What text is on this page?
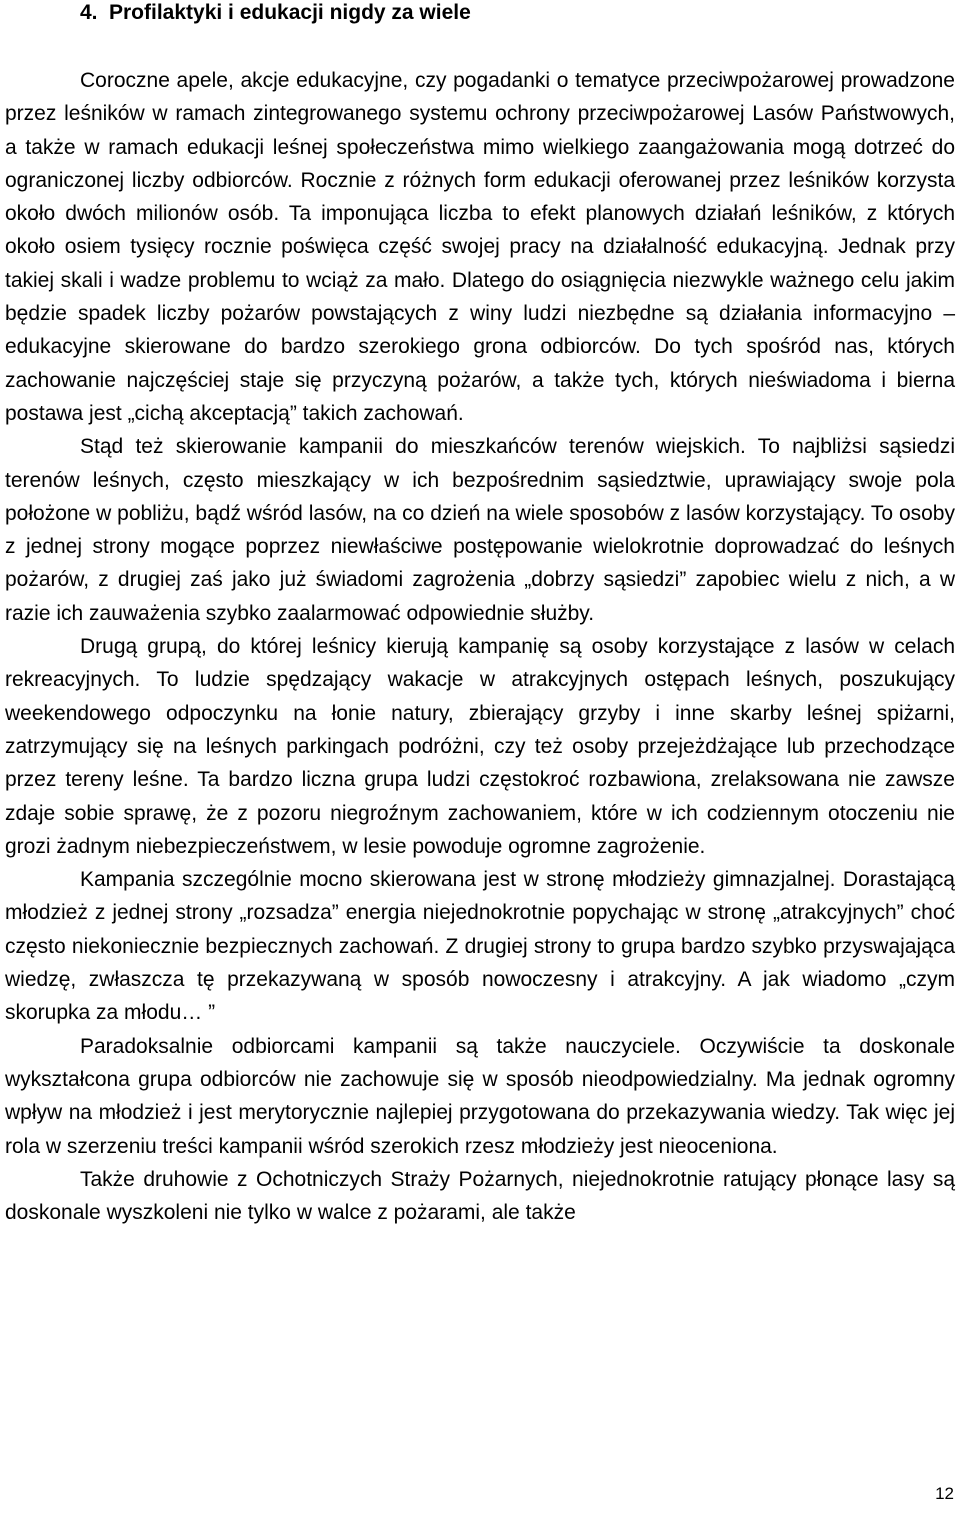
4. Profilaktyki i edukacji nigdy za wiele

Coroczne apele, akcje edukacyjne, czy pogadanki o tematyce przeciwpożarowej prowadzone przez leśników w ramach zintegrowanego systemu ochrony przeciwpożarowej Lasów Państwowych, a także w ramach edukacji leśnej społeczeństwa mimo wielkiego zaangażowania mogą dotrzeć do ograniczonej liczby odbiorców. Rocznie z różnych form edukacji oferowanej przez leśników korzysta około dwóch milionów osób. Ta imponująca liczba to efekt planowych działań leśników, z których około osiem tysięcy rocznie poświęca część swojej pracy na działalność edukacyjną. Jednak przy takiej skali i wadze problemu to wciąż za mało. Dlatego do osiągnięcia niezwykle ważnego celu jakim będzie spadek liczby pożarów powstających z winy ludzi niezbędne są działania informacyjno – edukacyjne skierowane do bardzo szerokiego grona odbiorców. Do tych spośród nas, których zachowanie najczęściej staje się przyczyną pożarów, a także tych, których nieświadoma i bierna postawa jest „cichą akceptacją” takich zachowań.

Stąd też skierowanie kampanii do mieszkańców terenów wiejskich. To najbliżsi sąsiedzi terenów leśnych, często mieszkający w ich bezpośrednim sąsiedztwie, uprawiający swoje pola położone w pobliżu, bądź wśród lasów, na co dzień na wiele sposobów z lasów korzystający. To osoby z jednej strony mogące poprzez niewłaściwe postępowanie wielokrotnie doprowadzać do leśnych pożarów, z drugiej zaś jako już świadomi zagrożenia „dobrzy sąsiedzi” zapobiec wielu z nich, a w razie ich zauważenia szybko zaalarmować odpowiednie służby.

Drugą grupą, do której leśnicy kierują kampanię są osoby korzystające z lasów w celach rekreacyjnych. To ludzie spędzający wakacje w atrakcyjnych ostępach leśnych, poszukujący weekendowego odpoczynku na łonie natury, zbierający grzyby i inne skarby leśnej spiżarni, zatrzymujący się na leśnych parkingach podróżni, czy też osoby przejeżdżające lub przechodzące przez tereny leśne. Ta bardzo liczna grupa ludzi częstokroć rozbawiona, zrelaksowana nie zawsze zdaje sobie sprawę, że z pozoru niegroźnym zachowaniem, które w ich codziennym otoczeniu nie grozi żadnym niebezpieczeństwem, w lesie powoduje ogromne zagrożenie.

Kampania szczególnie mocno skierowana jest w stronę młodzieży gimnazjalnej. Dorastającą młodzież z jednej strony „rozsadza” energia niejednokrotnie popychając w stronę „atrakcyjnych” choć często niekoniecznie bezpiecznych zachowań. Z drugiej strony to grupa bardzo szybko przyswajająca wiedzę, zwłaszcza tę przekazywaną w sposób nowoczesny i atrakcyjny. A jak wiadomo „czym skorupka za młodu… ”

Paradoksalnie odbiorcami kampanii są także nauczyciele. Oczywiście ta doskonale wykształcona grupa odbiorców nie zachowuje się w sposób nieodpowiedzialny. Ma jednak ogromny wpływ na młodzież i jest merytorycznie najlepiej przygotowana do przekazywania wiedzy. Tak więc jej rola w szerzeniu treści kampanii wśród szerokich rzesz młodzieży jest nieoceniona.

Także druhowie z Ochotniczych Straży Pożarnych, niejednokrotnie ratujący płonące lasy są doskonale wyszkoleni nie tylko w walce z pożarami, ale także

12
